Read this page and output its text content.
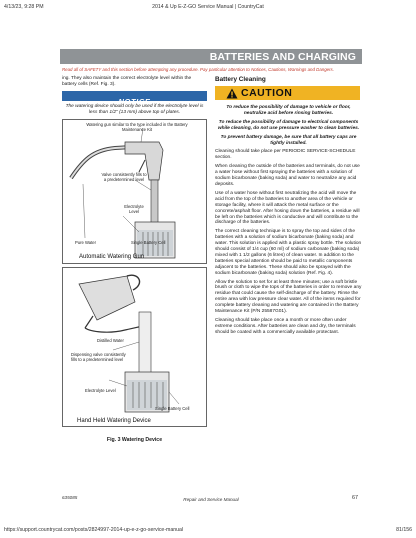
4/13/23, 9:28 PM	2014 & Up E-Z-GO Service Manual | CountryCat
BATTERIES AND CHARGING
Read all of SAFETY and this section before attempting any procedure. Pay particular attention to Notices, Cautions, Warnings and Dangers.

ing. They also maintain the correct electrolyte level within the battery cells (Ref. Fig. 3).

NOTICE

The watering device should only be used if the electrolyte level is less than 1/2" (13 mm) above top of plates.

Watering gun similar to the type included in the Battery Maintenance Kit
Valve consistently fills to a predetermined level
Electrolyte Level
Pure Water	Single Battery Cell
Automatic Watering Gun
Distilled Water
Dispensing valve consistently fills to a predetermined level
Electrolyte Level
Single Battery Cell
Hand Held Watering Device
Fig. 3 Watering Device
Battery Cleaning
CAUTION

To reduce the possibility of damage to vehicle or floor, neutralize acid before rinsing batteries.

To reduce the possibility of damage to electrical components while cleaning, do not use pressure washer to clean batteries.

To prevent battery damage, be sure that all battery caps are tightly installed.

Cleaning should take place per PERIODIC SERVICE-SCHEDULE section.

When cleaning the outside of the batteries and terminals, do not use a water hose without first spraying the batteries with a solution of sodium bicarbonate (baking soda) and water to neutralize any acid deposits.

Use of a water hose without first neutralizing the acid will move the acid from the top of the batteries to another area of the vehicle or storage facility, where it will attack the metal surface or the concrete/asphalt floor. After hosing down the batteries, a residue will be left on the batteries which is conductive and will contribute to the discharge of the batteries.

The correct cleaning technique is to spray the top and sides of the batteries with a solution of sodium bicarbonate (baking soda) and water. This solution is applied with a plastic spray bottle. The solution should consist of 1/4 cup (60 ml) of sodium carbonate (baking soda) mixed with 1 1/2 gallons (6 litres) of clean water. In addition to the batteries special attention should be paid to metallic components adjacent to the batteries. These should also be sprayed with the sodium bicarbonate (baking soda) solution (Ref. Fig. 4).

Allow the solution to set for at least three minutes; use a soft bristle brush or cloth to wipe the tops of the batteries in order to remove any residue that could cause the self-discharge of the battery. Rinse the entire area with low pressure clear water. All of the items required for complete battery cleaning and watering are contained in the Battery Maintenance Kit (P/N 25587G01).

Cleaning should take place once a month or more often under extreme conditions. After batteries are clean and dry, the terminals should be coated with a commercially available protectant.

635085	Repair and Service Manual	67
https://support.countrycat.com/posts/2824997-2014-up-e-z-go-service-manual	81/156
